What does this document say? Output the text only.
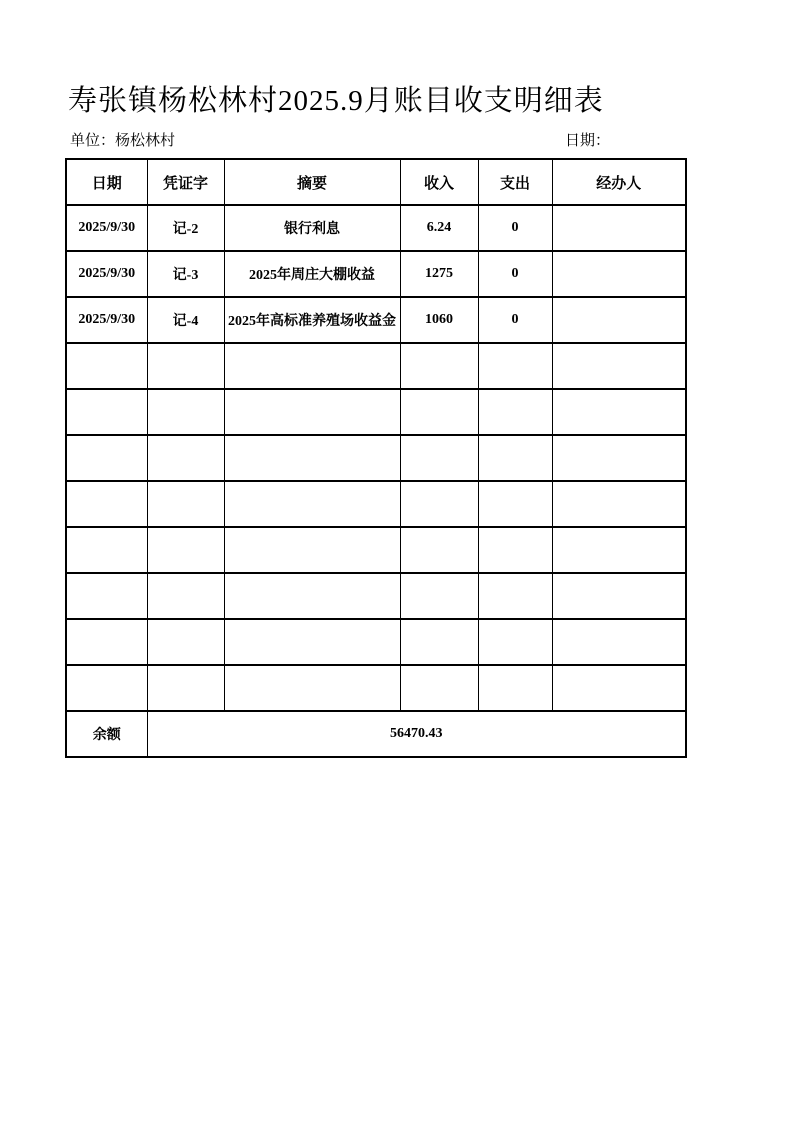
寿张镇杨松林村2025.9月账目收支明细表
单位：杨松林村	日期：
日期	凭证字	摘要	收入	支出	经办人
2025/9/30	记-2	银行利息	6.24	0	
2025/9/30	记-3	2025年周庄大棚收益	1275	0	
2025/9/30	记-4	2025年高标准养殖场收益金	1060	0	

余额	56470.43				
